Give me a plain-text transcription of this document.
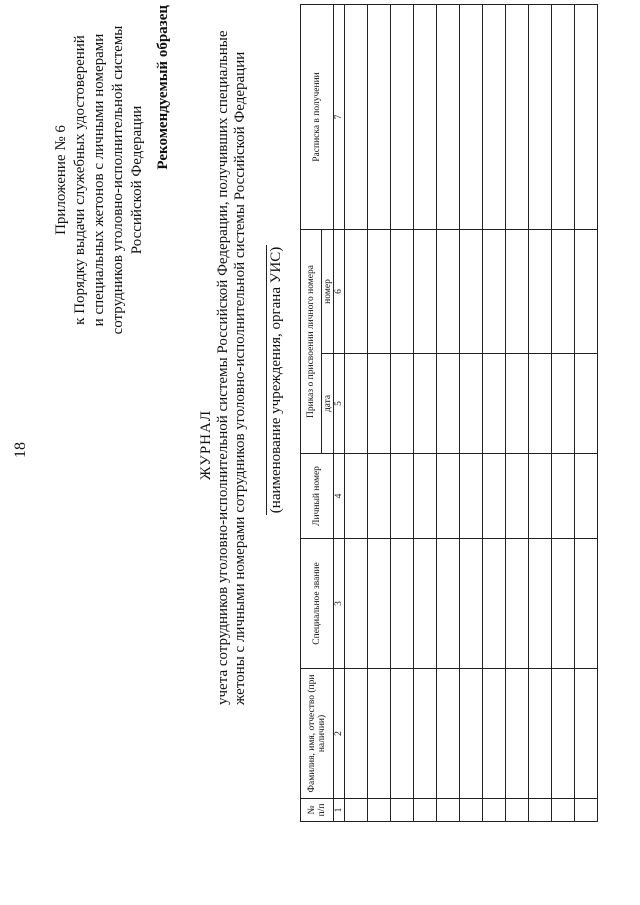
18
Приложение № 6 к Порядку выдачи служебных удостоверений и специальных жетонов с личными номерами сотрудников уголовно-исполнительной системы Российской Федерации
Рекомендуемый образец
ЖУРНАЛ учета сотрудников уголовно-исполнительной системы Российской Федерации, получивших специальные жетоны с личными номерами сотрудников уголовно-исполнительной системы Российской Федерации (наименование учреждения, органа УИС)
№ п/п	Фамилия, имя, отчество (при наличии)	Специальное звание	Личный номер	Приказ о присвоении личного номера		Расписка в получении
				дата	номер	
1	2	3	4	5	6	7
